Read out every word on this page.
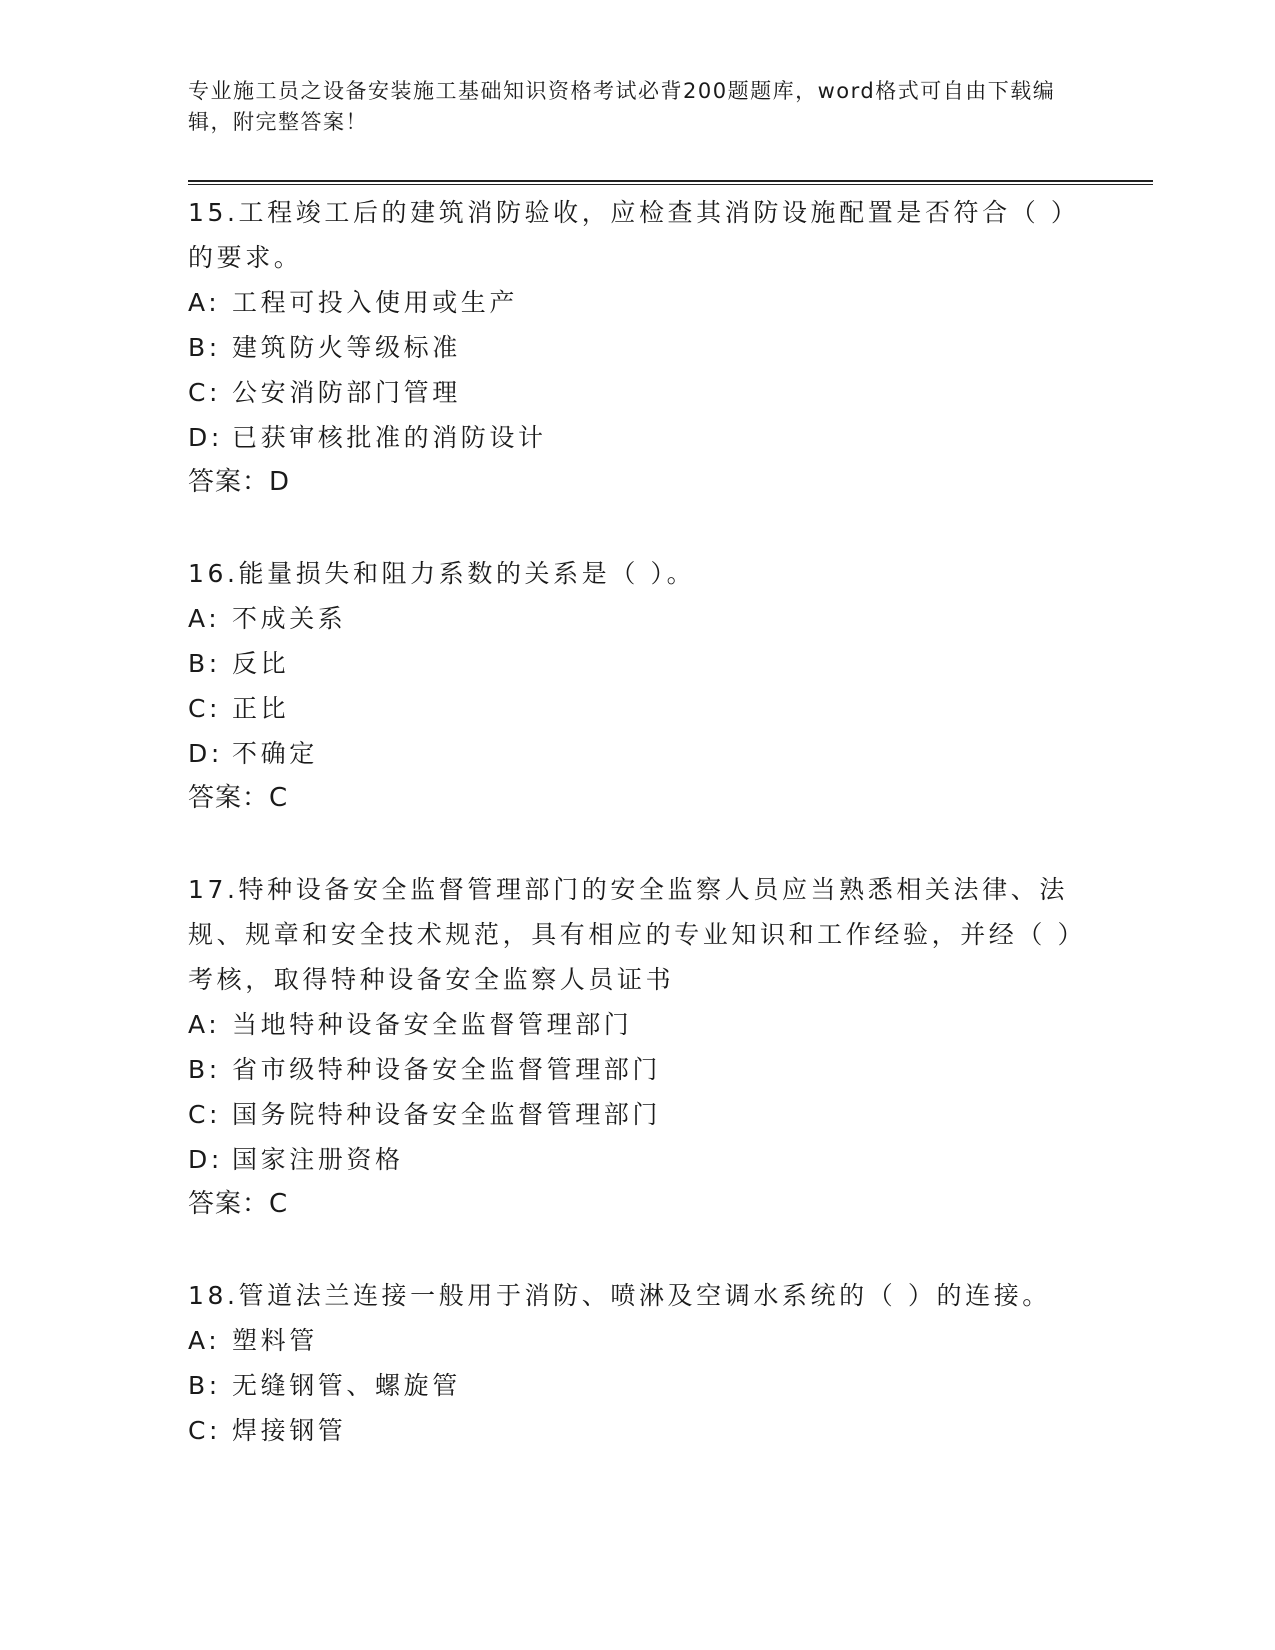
专业施工员之设备安装施工基础知识资格考试必背200题题库，word格式可自由下载编辑，附完整答案！

15.工程竣工后的建筑消防验收，应检查其消防设施配置是否符合（ ）的要求。

A: 工程可投入使用或生产

B: 建筑防火等级标准

C: 公安消防部门管理

D: 已获审核批准的消防设计

答案：D

16.能量损失和阻力系数的关系是（ ）。

A: 不成关系

B: 反比

C: 正比

D: 不确定

答案：C

17.特种设备安全监督管理部门的安全监察人员应当熟悉相关法律、法规、规章和安全技术规范，具有相应的专业知识和工作经验，并经（ ）考核，取得特种设备安全监察人员证书

A: 当地特种设备安全监督管理部门

B: 省市级特种设备安全监督管理部门

C: 国务院特种设备安全监督管理部门

D: 国家注册资格

答案：C

18.管道法兰连接一般用于消防、喷淋及空调水系统的（ ）的连接。

A: 塑料管

B: 无缝钢管、螺旋管

C: 焊接钢管
